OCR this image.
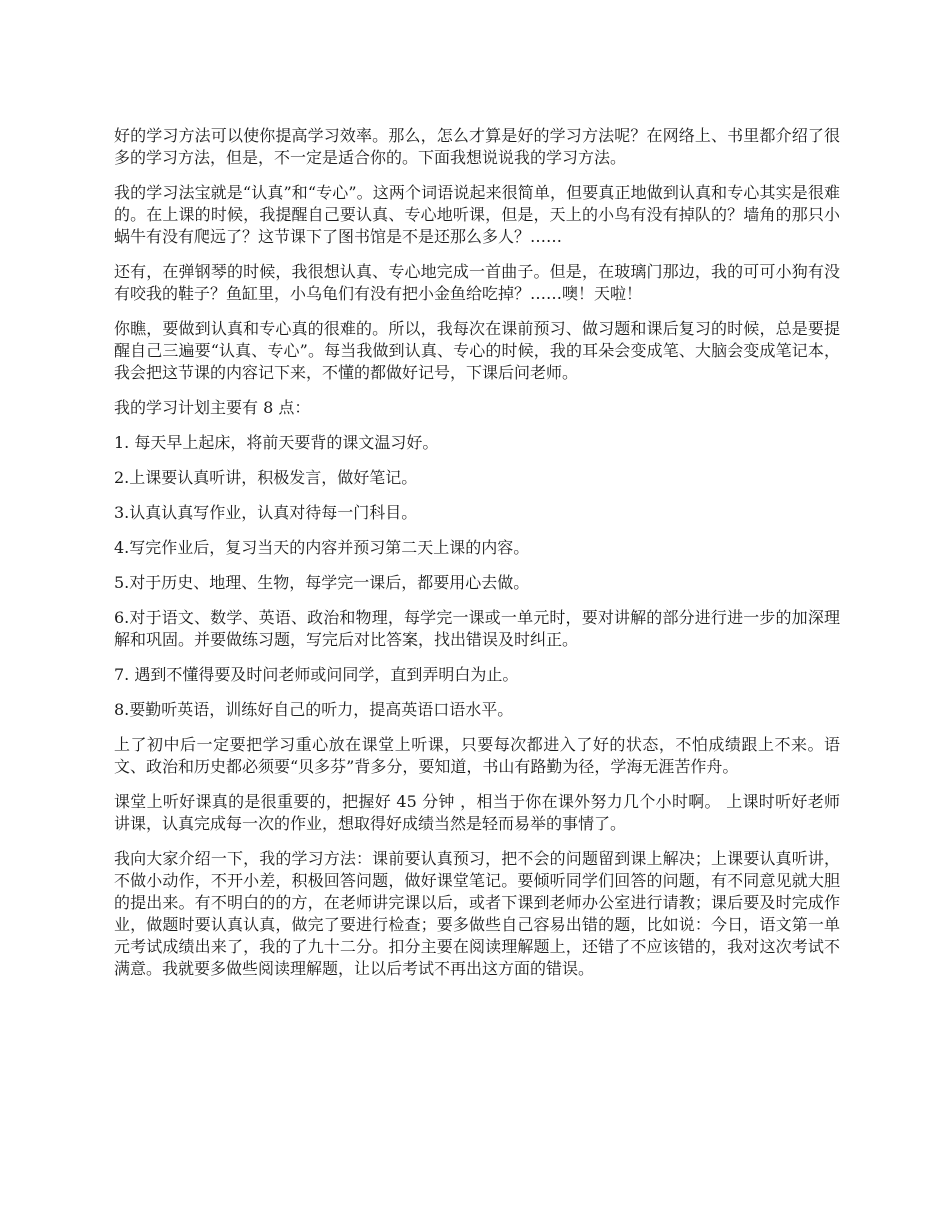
好的学习方法可以使你提高学习效率。那么，怎么才算是好的学习方法呢？在网络上、书里都介绍了很多的学习方法，但是，不一定是适合你的。下面我想说说我的学习方法。

我的学习法宝就是“认真”和“专心”。这两个词语说起来很简单，但要真正地做到认真和专心其实是很难的。在上课的时候，我提醒自己要认真、专心地听课，但是，天上的小鸟有没有掉队的？墙角的那只小蜗牛有没有爬远了？这节课下了图书馆是不是还那么多人？……

还有，在弹钢琴的时候，我很想认真、专心地完成一首曲子。但是，在玻璃门那边，我的可可小狗有没有咬我的鞋子？鱼缸里，小乌龟们有没有把小金鱼给吃掉？……噢！天啦！

你瞧，要做到认真和专心真的很难的。所以，我每次在课前预习、做习题和课后复习的时候，总是要提醒自己三遍要“认真、专心”。每当我做到认真、专心的时候，我的耳朵会变成笔、大脑会变成笔记本，我会把这节课的内容记下来，不懂的都做好记号，下课后问老师。

我的学习计划主要有 8 点：

1. 每天早上起床，将前天要背的课文温习好。

2.上课要认真听讲，积极发言，做好笔记。

3.认真认真写作业，认真对待每一门科目。

4.写完作业后，复习当天的内容并预习第二天上课的内容。

5.对于历史、地理、生物，每学完一课后，都要用心去做。

6.对于语文、数学、英语、政治和物理，每学完一课或一单元时，要对讲解的部分进行进一步的加深理解和巩固。并要做练习题，写完后对比答案，找出错误及时纠正。

7. 遇到不懂得要及时问老师或问同学，直到弄明白为止。

8.要勤听英语，训练好自己的听力，提高英语口语水平。

上了初中后一定要把学习重心放在课堂上听课，只要每次都进入了好的状态，不怕成绩跟上不来。语文、政治和历史都必须要“贝多芬”背多分，要知道，书山有路勤为径，学海无涯苦作舟。

课堂上听好课真的是很重要的，把握好 45 分钟 ，相当于你在课外努力几个小时啊。 上课时听好老师讲课，认真完成每一次的作业，想取得好成绩当然是轻而易举的事情了。

我向大家介绍一下，我的学习方法：课前要认真预习，把不会的问题留到课上解决；上课要认真听讲，不做小动作，不开小差，积极回答问题，做好课堂笔记。要倾听同学们回答的问题，有不同意见就大胆的提出来。有不明白的的方，在老师讲完课以后，或者下课到老师办公室进行请教；课后要及时完成作业，做题时要认真认真，做完了要进行检查；要多做些自己容易出错的题，比如说：今日，语文第一单元考试成绩出来了，我的了九十二分。扣分主要在阅读理解题上，还错了不应该错的，我对这次考试不满意。我就要多做些阅读理解题，让以后考试不再出这方面的错误。
